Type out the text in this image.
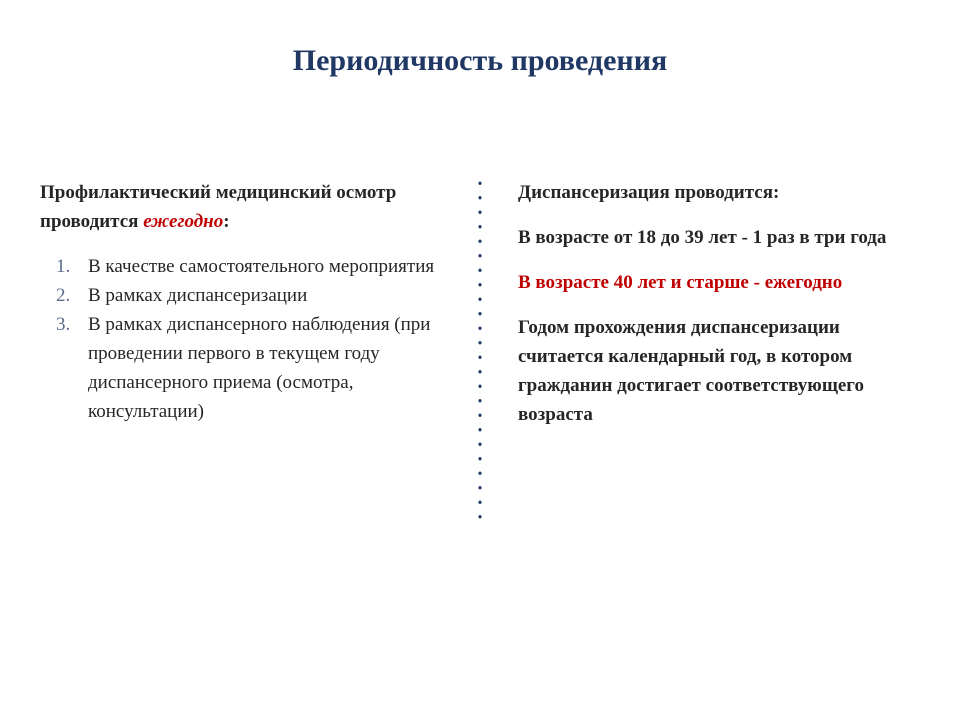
Периодичность проведения
Профилактический медицинский осмотр проводится ежегодно:
1. В качестве самостоятельного мероприятия
2. В рамках диспансеризации
3. В рамках диспансерного наблюдения (при проведении первого в текущем году диспансерного приема (осмотра, консультации)

Диспансеризация проводится:

В возрасте от 18 до 39 лет - 1 раз в три года

В возрасте 40 лет и старше - ежегодно

Годом прохождения диспансеризации считается календарный год, в котором гражданин достигает соответствующего возраста
